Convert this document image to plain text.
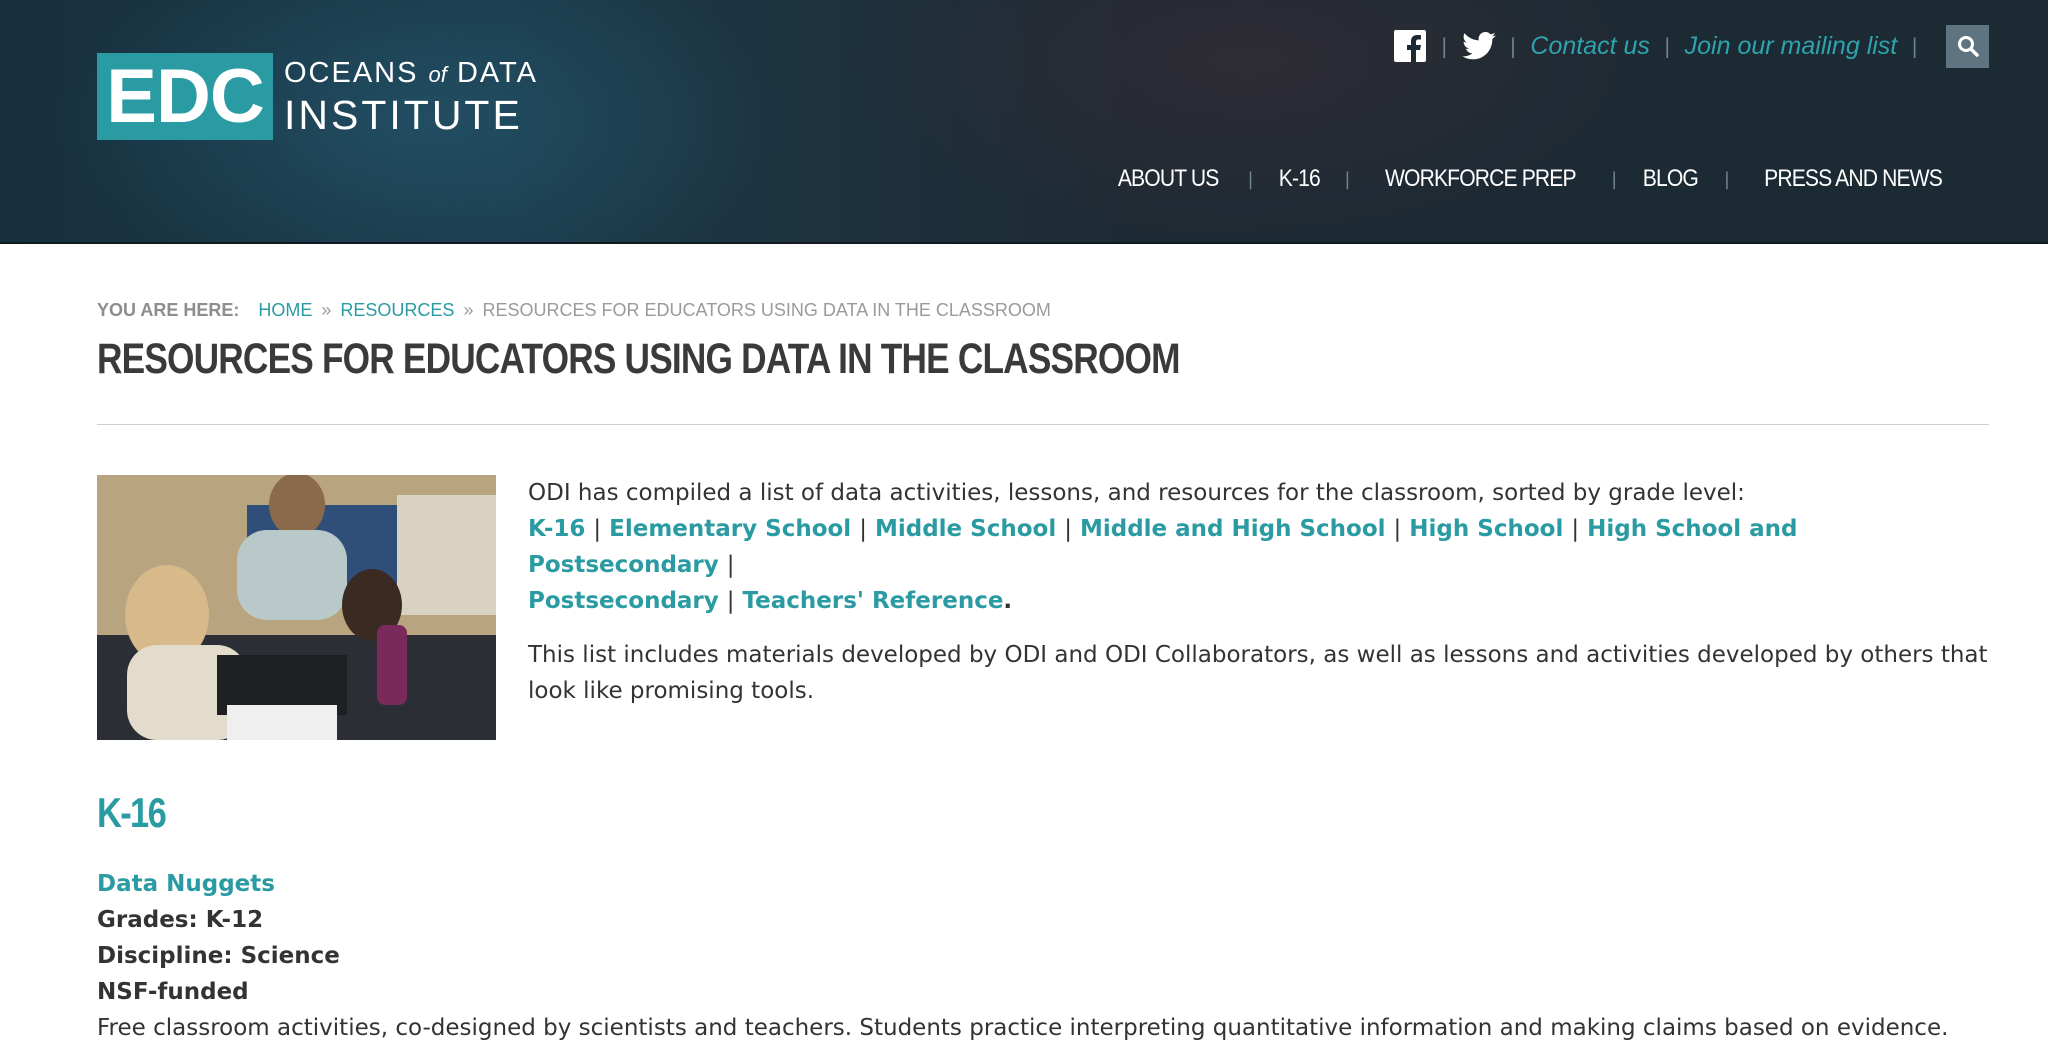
EDC OCEANS of DATA
INSTITUTE
|	| Contact us | Join our mailing list |
ABOUT US | K-16 | WORKFORCE PREP | BLOG | PRESS AND NEWS
YOU ARE HERE: HOME » RESOURCES » RESOURCES FOR EDUCATORS USING DATA IN THE CLASSROOM
RESOURCES FOR EDUCATORS USING DATA IN THE CLASSROOM

ODI has compiled a list of data activities, lessons, and resources for the classroom, sorted by grade level:

K-16 | Elementary School | Middle School | Middle and High School | High School | High School and Postsecondary |
Postsecondary | Teachers' Reference.

This list includes materials developed by ODI and ODI Collaborators, as well as lessons and activities developed by others that look like promising tools.

K-16
Data Nuggets
Grades: K-12
Discipline: Science
NSF-funded
Free classroom activities, co-designed by scientists and teachers. Students practice interpreting quantitative information and making claims based on evidence.
